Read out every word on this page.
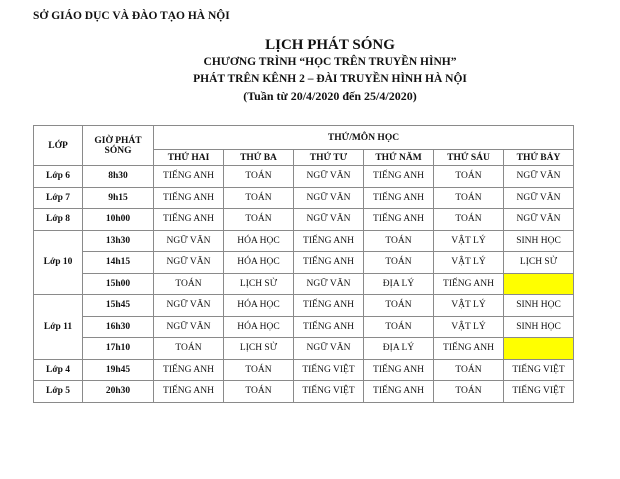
SỞ GIÁO DỤC VÀ ĐÀO TẠO HÀ NỘI
LỊCH PHÁT SÓNG
CHƯƠNG TRÌNH “HỌC TRÊN TRUYỀN HÌNH”
PHÁT TRÊN KÊNH 2 – ĐÀI TRUYỀN HÌNH HÀ NỘI
(Tuần từ 20/4/2020 đến 25/4/2020)
LỚP	GIỜ PHÁT SÓNG	THỨ/MÔN HỌC					
		THỨ HAI	THỨ BA	THỨ TƯ	THỨ NĂM	THỨ SÁU	THỨ BẢY
Lớp 6	8h30	TIẾNG ANH	TOÁN	NGỮ VĂN	TIẾNG ANH	TOÁN	NGỮ VĂN
Lớp 7	9h15	TIẾNG ANH	TOÁN	NGỮ VĂN	TIẾNG ANH	TOÁN	NGỮ VĂN
Lớp 8	10h00	TIẾNG ANH	TOÁN	NGỮ VĂN	TIẾNG ANH	TOÁN	NGỮ VĂN
Lớp 10	13h30	NGỮ VĂN	HÓA HỌC	TIẾNG ANH	TOÁN	VẬT LÝ	SINH HỌC
	14h15	NGỮ VĂN	HÓA HỌC	TIẾNG ANH	TOÁN	VẬT LÝ	LỊCH SỬ
	15h00	TOÁN	LỊCH SỬ	NGỮ VĂN	ĐỊA LÝ	TIẾNG ANH	
Lớp 11	15h45	NGỮ VĂN	HÓA HỌC	TIẾNG ANH	TOÁN	VẬT LÝ	SINH HỌC
	16h30	NGỮ VĂN	HÓA HỌC	TIẾNG ANH	TOÁN	VẬT LÝ	SINH HỌC
	17h10	TOÁN	LỊCH SỬ	NGỮ VĂN	ĐỊA LÝ	TIẾNG ANH	
Lớp 4	19h45	TIẾNG ANH	TOÁN	TIẾNG VIỆT	TIẾNG ANH	TOÁN	TIẾNG VIỆT
Lớp 5	20h30	TIẾNG ANH	TOÁN	TIẾNG VIỆT	TIẾNG ANH	TOÁN	TIẾNG VIỆT
